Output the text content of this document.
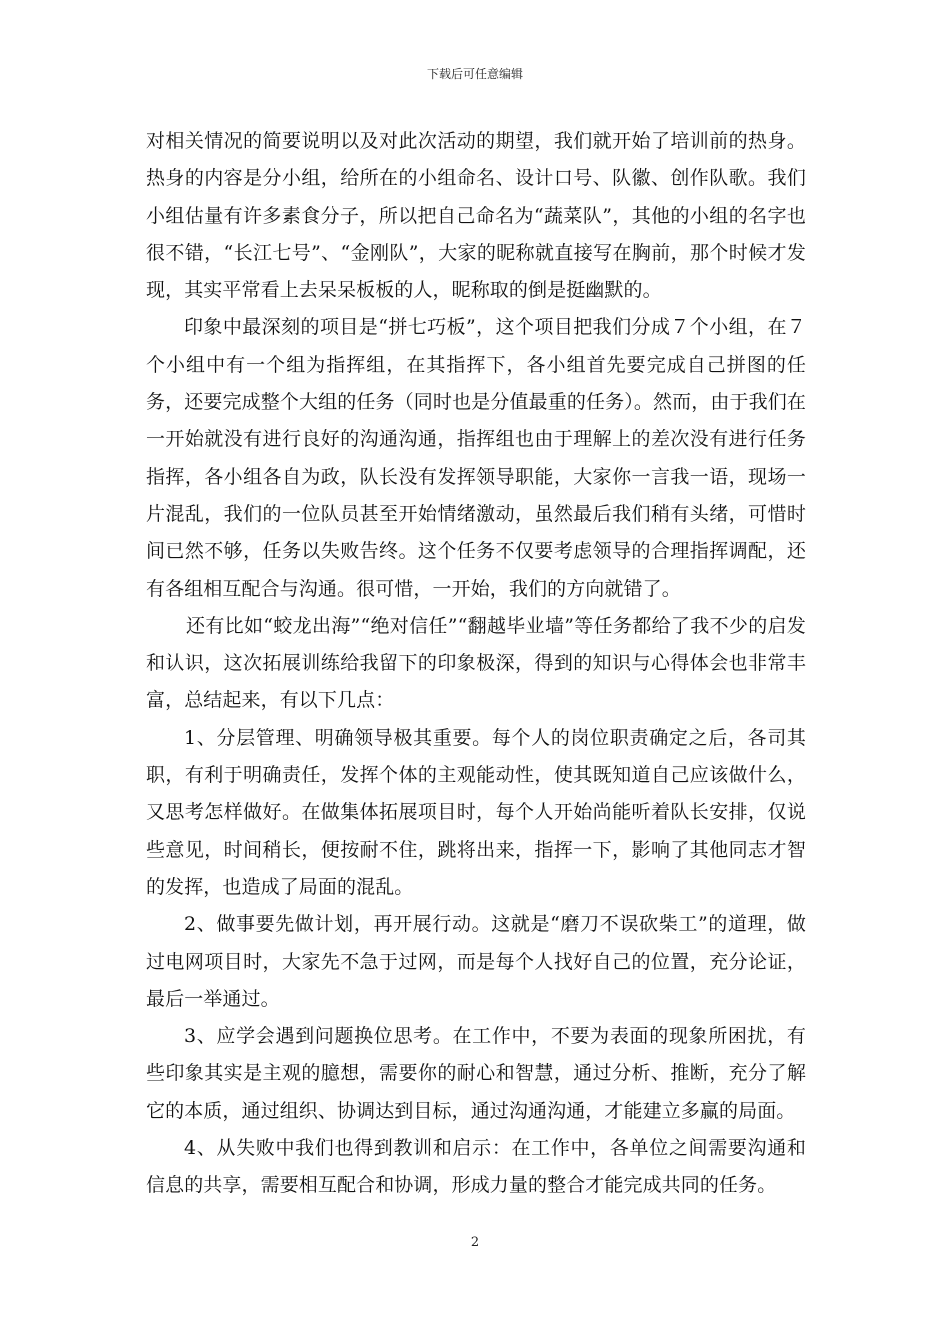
下载后可任意编辑

对相关情况的简要说明以及对此次活动的期望，我们就开始了培训前的热身。热身的内容是分小组，给所在的小组命名、设计口号、队徽、创作队歌。我们小组估量有许多素食分子，所以把自己命名为“蔬菜队”，其他的小组的名字也很不错，“长江七号”、“金刚队”，大家的昵称就直接写在胸前，那个时候才发现，其实平常看上去呆呆板板的人，昵称取的倒是挺幽默的。

印象中最深刻的项目是“拼七巧板”，这个项目把我们分成７个小组，在７个小组中有一个组为指挥组，在其指挥下，各小组首先要完成自己拼图的任务，还要完成整个大组的任务（同时也是分值最重的任务）。然而，由于我们在一开始就没有进行良好的沟通沟通，指挥组也由于理解上的差次没有进行任务指挥，各小组各自为政，队长没有发挥领导职能，大家你一言我一语，现场一片混乱，我们的一位队员甚至开始情绪激动，虽然最后我们稍有头绪，可惜时间已然不够，任务以失败告终。这个任务不仅要考虑领导的合理指挥调配，还有各组相互配合与沟通。很可惜，一开始，我们的方向就错了。

还有比如“蛟龙出海”“绝对信任”“翻越毕业墙”等任务都给了我不少的启发和认识，这次拓展训练给我留下的印象极深，得到的知识与心得体会也非常丰富，总结起来，有以下几点：

1、分层管理、明确领导极其重要。每个人的岗位职责确定之后，各司其职，有利于明确责任，发挥个体的主观能动性，使其既知道自己应该做什么，又思考怎样做好。在做集体拓展项目时，每个人开始尚能听着队长安排，仅说些意见，时间稍长，便按耐不住，跳将出来，指挥一下，影响了其他同志才智的发挥，也造成了局面的混乱。

2、做事要先做计划，再开展行动。这就是“磨刀不误砍柴工”的道理，做过电网项目时，大家先不急于过网，而是每个人找好自己的位置，充分论证，最后一举通过。

3、应学会遇到问题换位思考。在工作中，不要为表面的现象所困扰，有些印象其实是主观的臆想，需要你的耐心和智慧，通过分析、推断，充分了解它的本质，通过组织、协调达到目标，通过沟通沟通，才能建立多赢的局面。

4、从失败中我们也得到教训和启示：在工作中，各单位之间需要沟通和信息的共享，需要相互配合和协调，形成力量的整合才能完成共同的任务。

2
